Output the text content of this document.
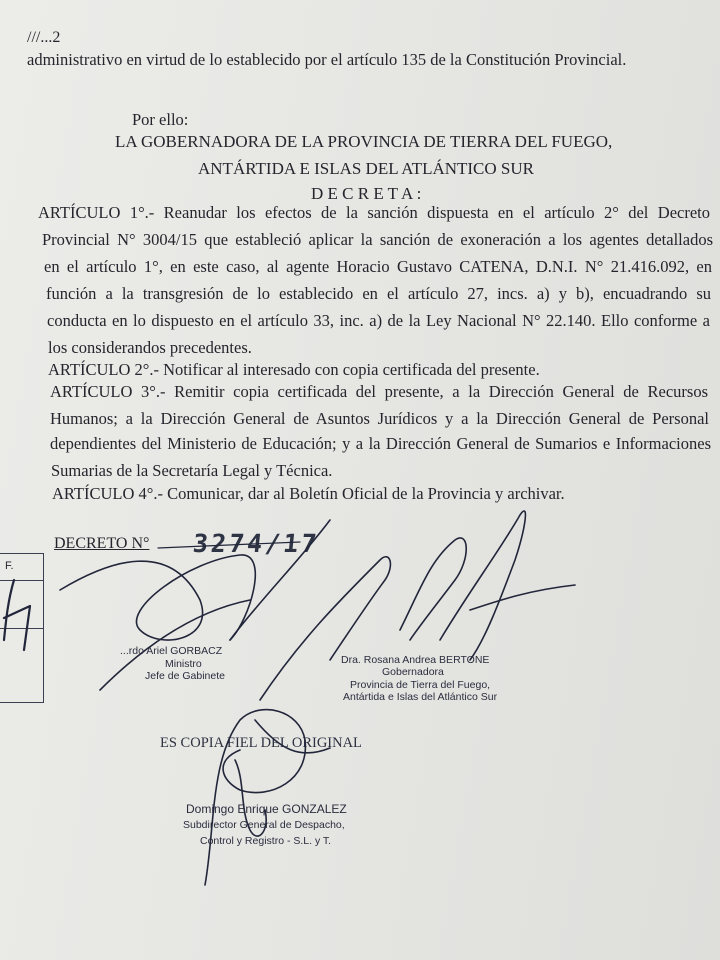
///...2
administrativo en virtud de lo establecido por el artículo 135 de la Constitución Provincial.
Por ello:
LA GOBERNADORA DE LA PROVINCIA DE TIERRA DEL FUEGO,
ANTÁRTIDA E ISLAS DEL ATLÁNTICO SUR
D E C R E T A :
ARTÍCULO 1°.- Reanudar los efectos de la sanción dispuesta en el artículo 2° del Decreto
Provincial N° 3004/15 que estableció aplicar la sanción de exoneración a los agentes detallados
en el artículo 1°, en este caso, al agente Horacio Gustavo CATENA, D.N.I. N° 21.416.092, en
función a la transgresión de lo establecido en el artículo 27, incs. a) y b), encuadrando su
conducta en lo dispuesto en el artículo 33, inc. a) de la Ley Nacional N° 22.140. Ello conforme a
los considerandos precedentes.
ARTÍCULO 2°.- Notificar al interesado con copia certificada del presente.
ARTÍCULO 3°.- Remitir copia certificada del presente, a la Dirección General de Recursos
Humanos; a la Dirección General de Asuntos Jurídicos y a la Dirección General de Personal
dependientes del Ministerio de Educación; y a la Dirección General de Sumarios e Informaciones
Sumarias de la Secretaría Legal y Técnica.
ARTÍCULO 4°.- Comunicar, dar al Boletín Oficial de la Provincia y archivar.
DECRETO N° 3274/17
F.
...rdo Ariel GORBACZ
Ministro
Jefe de Gabinete
Dra. Rosana Andrea BERTONE
Gobernadora
Provincia de Tierra del Fuego,
Antártida e Islas del Atlántico Sur
ES COPIA FIEL DEL ORIGINAL
Domingo Enrique GONZALEZ
Subdirector General de Despacho,
Control y Registro - S.L. y T.
